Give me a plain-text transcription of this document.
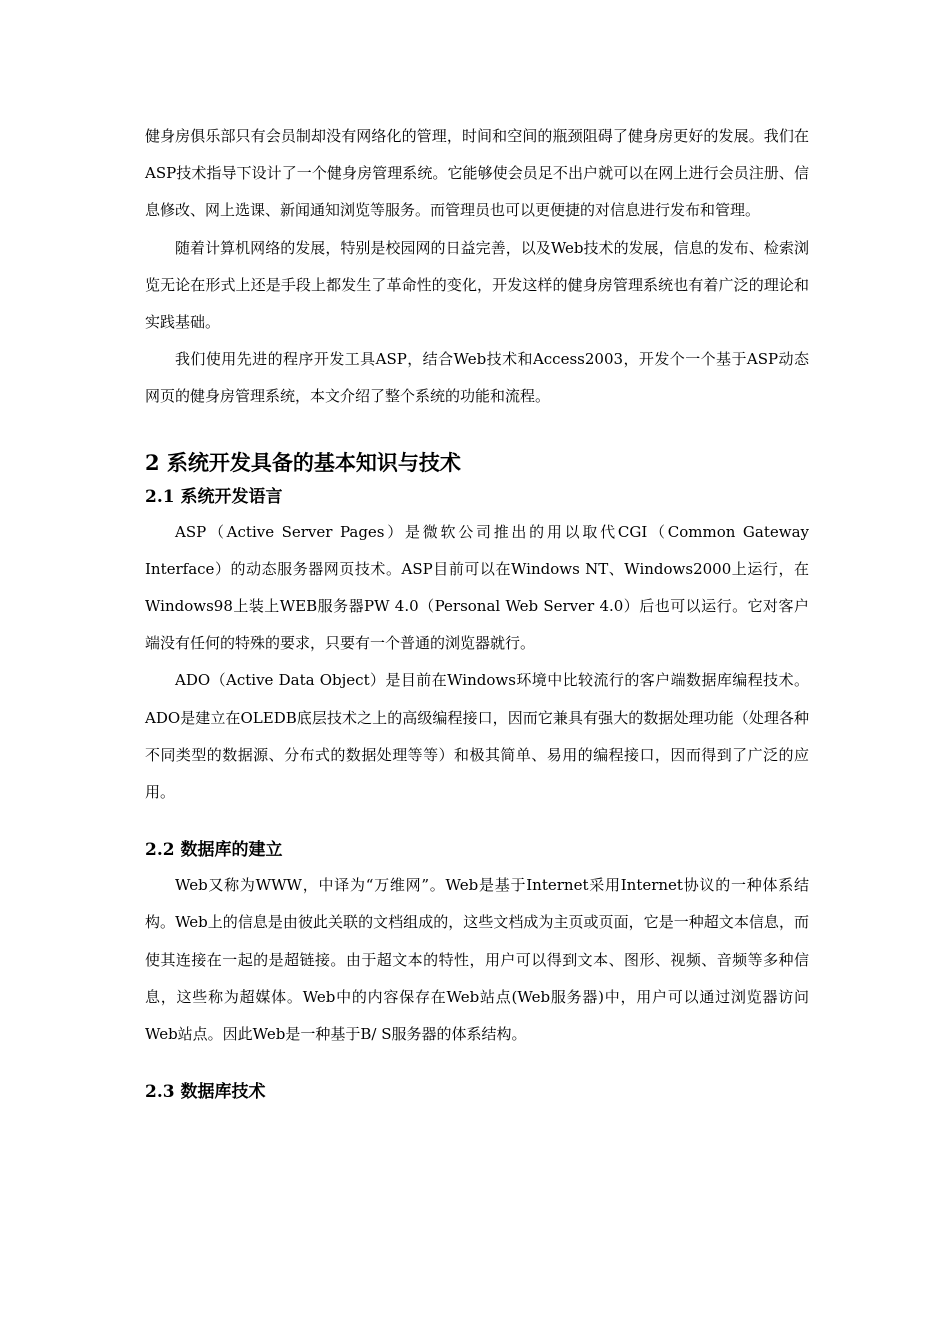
健身房俱乐部只有会员制却没有网络化的管理，时间和空间的瓶颈阻碍了健身房更好的发展。我们在ASP技术指导下设计了一个健身房管理系统。它能够使会员足不出户就可以在网上进行会员注册、信息修改、网上选课、新闻通知浏览等服务。而管理员也可以更便捷的对信息进行发布和管理。

随着计算机网络的发展，特别是校园网的日益完善，以及Web技术的发展，信息的发布、检索浏览无论在形式上还是手段上都发生了革命性的变化，开发这样的健身房管理系统也有着广泛的理论和实践基础。

我们使用先进的程序开发工具ASP，结合Web技术和Access2003，开发个一个基于ASP动态网页的健身房管理系统，本文介绍了整个系统的功能和流程。

2 系统开发具备的基本知识与技术
2.1 系统开发语言

ASP（Active Server Pages）是微软公司推出的用以取代CGI（Common Gateway Interface）的动态服务器网页技术。ASP目前可以在Windows NT、Windows2000上运行，在Windows98上装上WEB服务器PW 4.0（Personal Web Server 4.0）后也可以运行。它对客户端没有任何的特殊的要求，只要有一个普通的浏览器就行。

ADO（Active Data Object）是目前在Windows环境中比较流行的客户端数据库编程技术。ADO是建立在OLEDB底层技术之上的高级编程接口，因而它兼具有强大的数据处理功能（处理各种不同类型的数据源、分布式的数据处理等等）和极其简单、易用的编程接口，因而得到了广泛的应用。

2.2 数据库的建立

Web又称为WWW，中译为“万维网”。Web是基于Internet采用Internet协议的一种体系结构。Web上的信息是由彼此关联的文档组成的，这些文档成为主页或页面，它是一种超文本信息，而使其连接在一起的是超链接。由于超文本的特性，用户可以得到文本、图形、视频、音频等多种信息，这些称为超媒体。Web中的内容保存在Web站点(Web服务器)中，用户可以通过浏览器访问Web站点。因此Web是一种基于B/ S服务器的体系结构。

2.3 数据库技术
